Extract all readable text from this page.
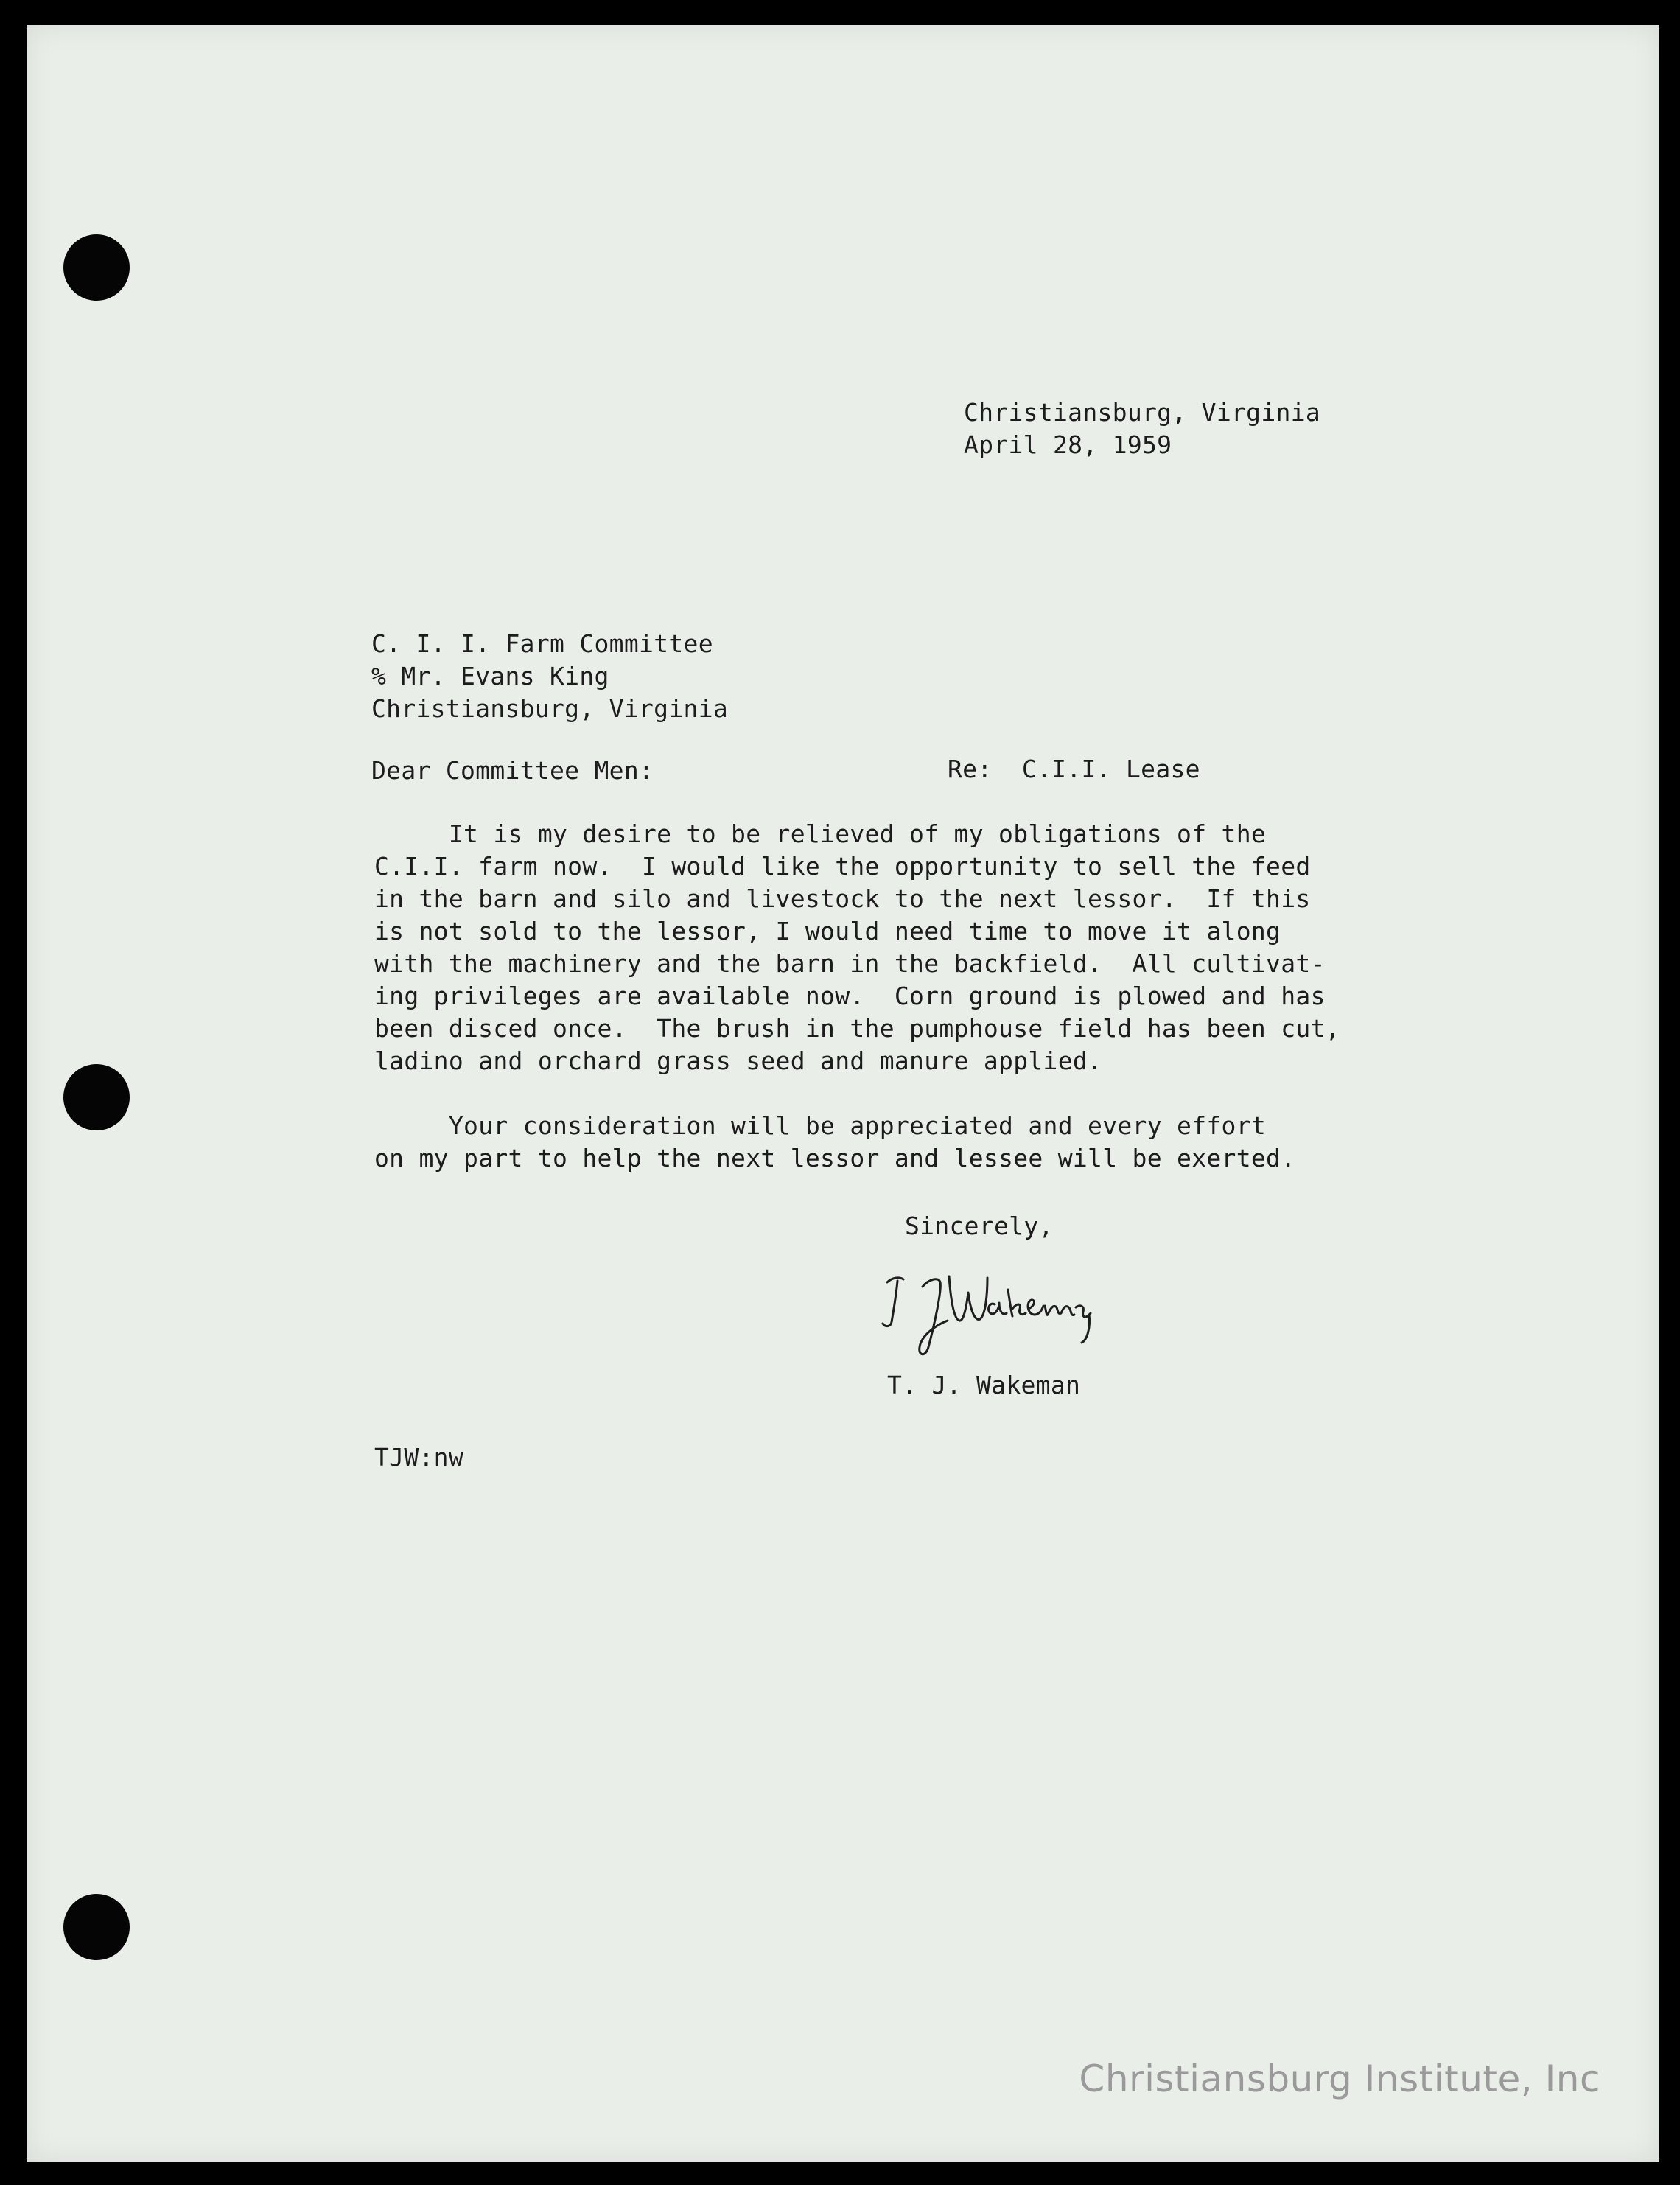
Christiansburg, Virginia
April 28, 1959
C. I. I. Farm Committee
% Mr. Evans King
Christiansburg, Virginia
Dear Committee Men:	Re:  C.I.I. Lease
It is my desire to be relieved of my obligations of the
C.I.I. farm now.  I would like the opportunity to sell the feed
in the barn and silo and livestock to the next lessor.  If this
is not sold to the lessor, I would need time to move it along
with the machinery and the barn in the backfield.  All cultivat-
ing privileges are available now.  Corn ground is plowed and has
been disced once.  The brush in the pumphouse field has been cut,
ladino and orchard grass seed and manure applied.
Your consideration will be appreciated and every effort
on my part to help the next lessor and lessee will be exerted.
Sincerely,
T. J. Wakeman
TJW:nw
Christiansburg Institute, Inc
